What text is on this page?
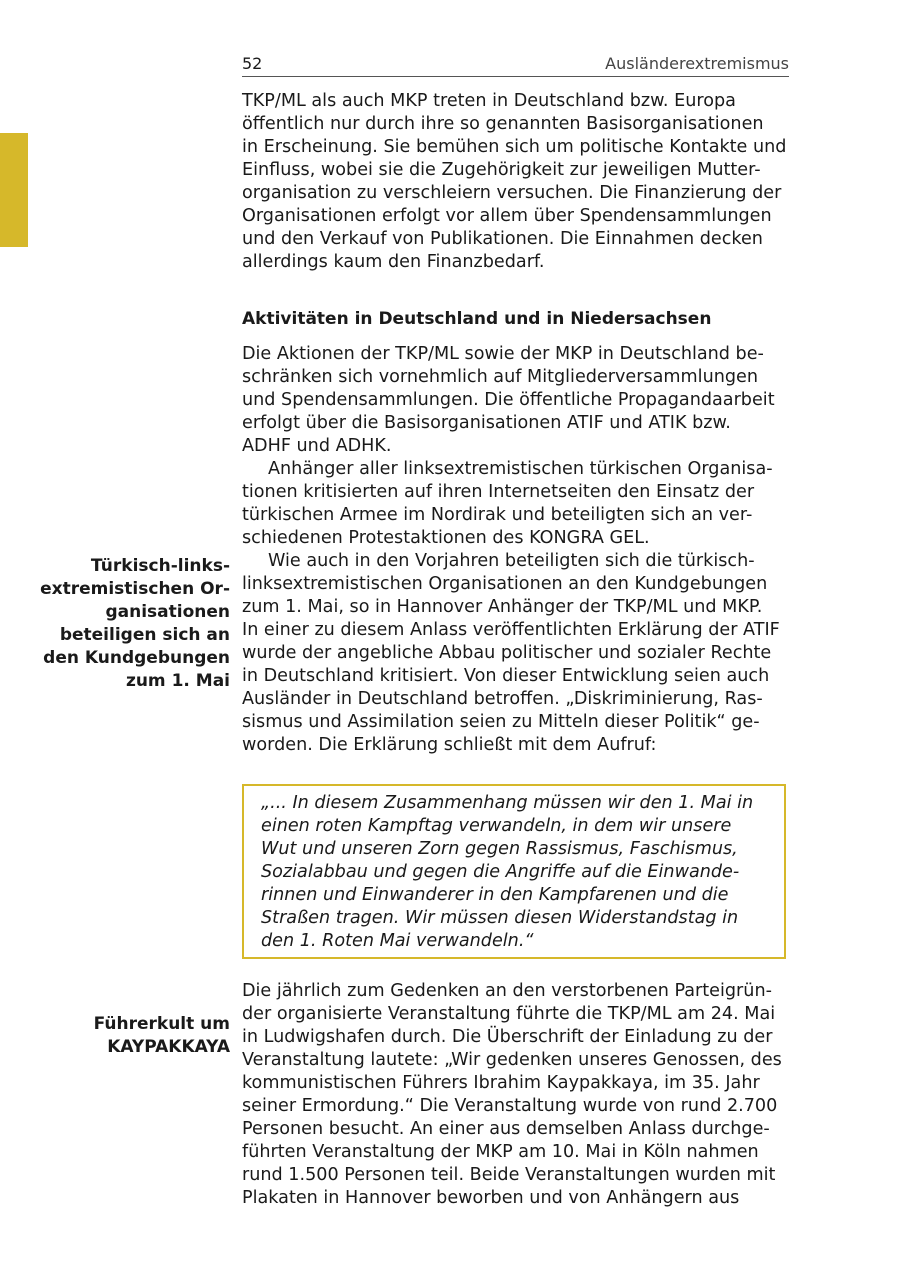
52	Ausländerextremismus
TKP/ML als auch MKP treten in Deutschland bzw. Europa
öffentlich nur durch ihre so genannten Basisorganisationen
in Erscheinung. Sie bemühen sich um politische Kontakte und
Einfluss, wobei sie die Zugehörigkeit zur jeweiligen Mutter-
organisation zu verschleiern versuchen. Die Finanzierung der
Organisationen erfolgt vor allem über Spendensammlungen
und den Verkauf von Publikationen. Die Einnahmen decken
allerdings kaum den Finanzbedarf.
Aktivitäten in Deutschland und in Niedersachsen
Die Aktionen der TKP/ML sowie der MKP in Deutschland be-
schränken sich vornehmlich auf Mitgliederversammlungen
und Spendensammlungen. Die öffentliche Propagandaarbeit
erfolgt über die Basisorganisationen ATIF und ATIK bzw.
ADHF und ADHK.
Anhänger aller linksextremistischen türkischen Organisa-
tionen kritisierten auf ihren Internetseiten den Einsatz der
türkischen Armee im Nordirak und beteiligten sich an ver-
schiedenen Protestaktionen des KONGRA GEL.
Wie auch in den Vorjahren beteiligten sich die türkisch-
linksextremistischen Organisationen an den Kundgebungen
zum 1. Mai, so in Hannover Anhänger der TKP/ML und MKP.
In einer zu diesem Anlass veröffentlichten Erklärung der ATIF
wurde der angebliche Abbau politischer und sozialer Rechte
in Deutschland kritisiert. Von dieser Entwicklung seien auch
Ausländer in Deutschland betroffen. „Diskriminierung, Ras-
sismus und Assimilation seien zu Mitteln dieser Politik“ ge-
worden. Die Erklärung schließt mit dem Aufruf:
Türkisch-links-
extremistischen Or-
ganisationen
beteiligen sich an
den Kundgebungen
zum 1. Mai
„... In diesem Zusammenhang müssen wir den 1. Mai in
einen roten Kampftag verwandeln, in dem wir unsere
Wut und unseren Zorn gegen Rassismus, Faschismus,
Sozialabbau und gegen die Angriffe auf die Einwande-
rinnen und Einwanderer in den Kampfarenen und die
Straßen tragen. Wir müssen diesen Widerstandstag in
den 1. Roten Mai verwandeln.“
Führerkult um
KAYPAKKAYA
Die jährlich zum Gedenken an den verstorbenen Parteigrün-
der organisierte Veranstaltung führte die TKP/ML am 24. Mai
in Ludwigshafen durch. Die Überschrift der Einladung zu der
Veranstaltung lautete: „Wir gedenken unseres Genossen, des
kommunistischen Führers Ibrahim Kaypakkaya, im 35. Jahr
seiner Ermordung.“ Die Veranstaltung wurde von rund 2.700
Personen besucht. An einer aus demselben Anlass durchge-
führten Veranstaltung der MKP am 10. Mai in Köln nahmen
rund 1.500 Personen teil. Beide Veranstaltungen wurden mit
Plakaten in Hannover beworben und von Anhängern aus
